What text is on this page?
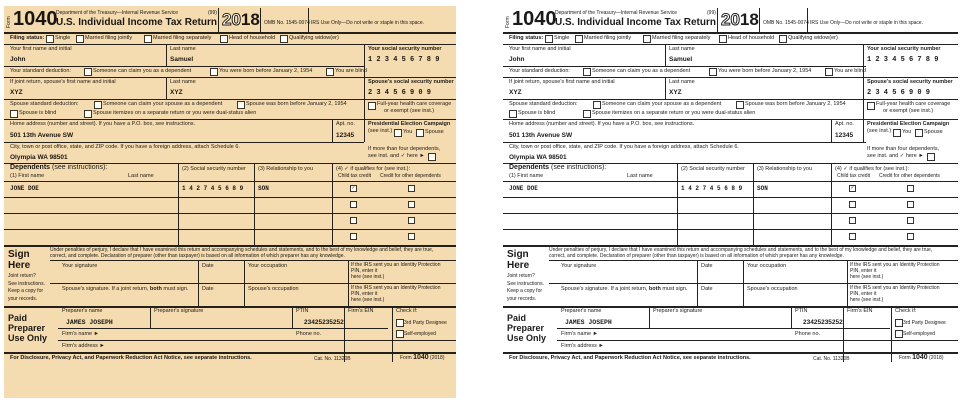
Form 1040
Department of the Treasury—Internal Revenue Service	(99)
U.S. Individual Income Tax Return 2018 OMB No. 1545-0074 IRS Use Only—Do not write or staple in this space.
Filing status: Single	Married filing jointly	Married filing separately	Head of household	Qualifying widow(er)
Your first name and initial	Last name	Your social security number
John	Samuel	1 2 3 4 5 6 7 8 9
Your standard deduction:	Someone can claim you as a dependent	You were born before January 2, 1954	You are blind
If joint return, spouse's first name and initial	Last name	Spouse's social security number
XYZ	XYZ	2 3 4 5 6 9 0 9
Spouse standard deduction:	Someone can claim your spouse as a dependent	Spouse was born before January 2, 1954
Spouse is blind	Spouse itemizes on a separate return or you were dual-status alien
Full-year health care coverage
or exempt (see inst.)
Home address (number and street). If you have a P.O. box, see instructions.	Apt. no.
501 13th Avenue SW	12345
Presidential Election Campaign
(see inst.) You Spouse
City, town or post office, state, and ZIP code. If you have a foreign address, attach Schedule 6.
Olympia WA 98501
If more than four dependents,
see inst. and ✓ here ►
Dependents (see instructions):
(1) First name	Last name
(2) Social security number (3) Relationship to you	(4) ✓ if qualifies for (see inst.):
Child tax credit Credit for other dependents
JONE DOE	1 4 2 7 4 5 6 8 9 SON	✓
Sign
Here
Joint return?
See instructions.
Keep a copy for
your records.
Under penalties of perjury, I declare that I have examined this return and accompanying schedules and statements, and to the best of my knowledge and belief, they are true,
correct, and complete. Declaration of preparer (other than taxpayer) is based on all information of which preparer has any knowledge.
Your signature	Date	Your occupation	If the IRS sent you an Identity Protection
PIN, enter it
here (see inst.)
Spouse's signature. If a joint return, both must sign. Date	Spouse's occupation	If the IRS sent you an Identity Protection
PIN, enter it
here (see inst.)
Paid
Preparer
Use Only
Preparer's name	Preparer's signature	PTIN	Firm's EIN	Check if:
JAMES JOSEPH	23425235252	3rd Party Designee
Self-employed
Firm's name ►	Phone no.
Firm's address ►
For Disclosure, Privacy Act, and Paperwork Reduction Act Notice, see separate instructions.	Cat. No. 11320B	Form 1040 (2018)
Form 1040
Department of the Treasury—Internal Revenue Service	(99)
U.S. Individual Income Tax Return 2018 OMB No. 1545-0074 IRS Use Only—Do not write or staple in this space.
Filing status: Single	Married filing jointly	Married filing separately	Head of household	Qualifying widow(er)
Your first name and initial	Last name	Your social security number
John	Samuel	1 2 3 4 5 6 7 8 9
Your standard deduction:	Someone can claim you as a dependent	You were born before January 2, 1954	You are blind
If joint return, spouse's first name and initial	Last name	Spouse's social security number
XYZ	XYZ	2 3 4 5 6 9 0 9
Spouse standard deduction:	Someone can claim your spouse as a dependent	Spouse was born before January 2, 1954
Spouse is blind	Spouse itemizes on a separate return or you were dual-status alien
Full-year health care coverage
or exempt (see inst.)
Home address (number and street). If you have a P.O. box, see instructions.	Apt. no.
501 13th Avenue SW	12345
Presidential Election Campaign
(see inst.) You Spouse
City, town or post office, state, and ZIP code. If you have a foreign address, attach Schedule 6.
Olympia WA 98501
If more than four dependents,
see inst. and ✓ here ►
Dependents (see instructions):
(1) First name	Last name
(2) Social security number (3) Relationship to you	(4) ✓ if qualifies for (see inst.):
Child tax credit Credit for other dependents
JONE DOE	1 4 2 7 4 5 6 8 9 SON	✓
Sign
Here
Joint return?
See instructions.
Keep a copy for
your records.
Under penalties of perjury, I declare that I have examined this return and accompanying schedules and statements, and to the best of my knowledge and belief, they are true,
correct, and complete. Declaration of preparer (other than taxpayer) is based on all information of which preparer has any knowledge.
Your signature	Date	Your occupation	If the IRS sent you an Identity Protection
PIN, enter it
here (see inst.)
Spouse's signature. If a joint return, both must sign. Date	Spouse's occupation	If the IRS sent you an Identity Protection
PIN, enter it
here (see inst.)
Paid
Preparer
Use Only
Preparer's name	Preparer's signature	PTIN	Firm's EIN	Check if:
JAMES JOSEPH	23425235252	3rd Party Designee
Self-employed
Firm's name ►	Phone no.
Firm's address ►
For Disclosure, Privacy Act, and Paperwork Reduction Act Notice, see separate instructions.	Cat. No. 11320B	Form 1040 (2018)
